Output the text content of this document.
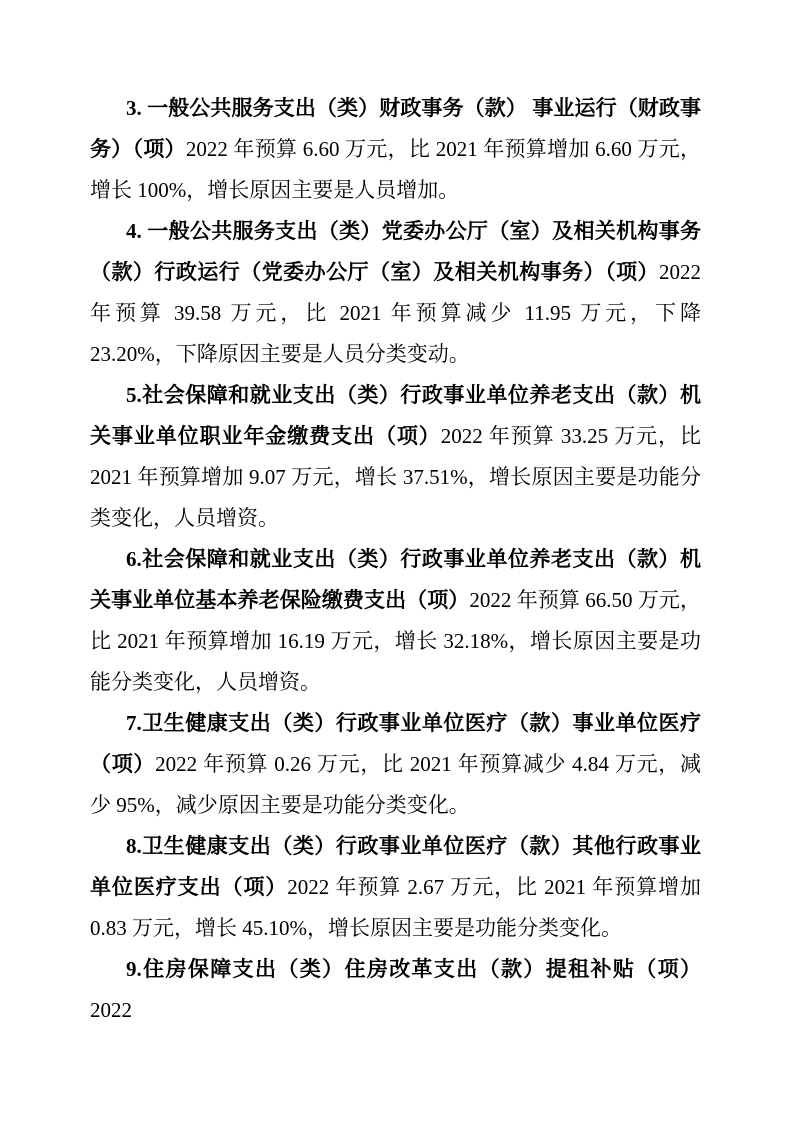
3. 一般公共服务支出（类）财政事务（款） 事业运行（财政事务）（项）2022 年预算 6.60 万元，比 2021 年预算增加 6.60 万元，增长 100%，增长原因主要是人员增加。

4. 一般公共服务支出（类）党委办公厅（室）及相关机构事务（款）行政运行（党委办公厅（室）及相关机构事务）（项）2022 年预算 39.58 万元，比 2021 年预算减少 11.95 万元，下降 23.20%，下降原因主要是人员分类变动。

5.社会保障和就业支出（类）行政事业单位养老支出（款）机关事业单位职业年金缴费支出（项）2022 年预算 33.25 万元，比 2021 年预算增加 9.07 万元，增长 37.51%，增长原因主要是功能分类变化，人员增资。

6.社会保障和就业支出（类）行政事业单位养老支出（款）机关事业单位基本养老保险缴费支出（项）2022 年预算 66.50 万元，比 2021 年预算增加 16.19 万元，增长 32.18%，增长原因主要是功能分类变化，人员增资。

7.卫生健康支出（类）行政事业单位医疗（款）事业单位医疗（项）2022 年预算 0.26 万元，比 2021 年预算减少 4.84 万元，减少 95%，减少原因主要是功能分类变化。

8.卫生健康支出（类）行政事业单位医疗（款）其他行政事业单位医疗支出（项）2022 年预算 2.67 万元，比 2021 年预算增加 0.83 万元，增长 45.10%，增长原因主要是功能分类变化。

9.住房保障支出（类）住房改革支出（款）提租补贴（项）2022
